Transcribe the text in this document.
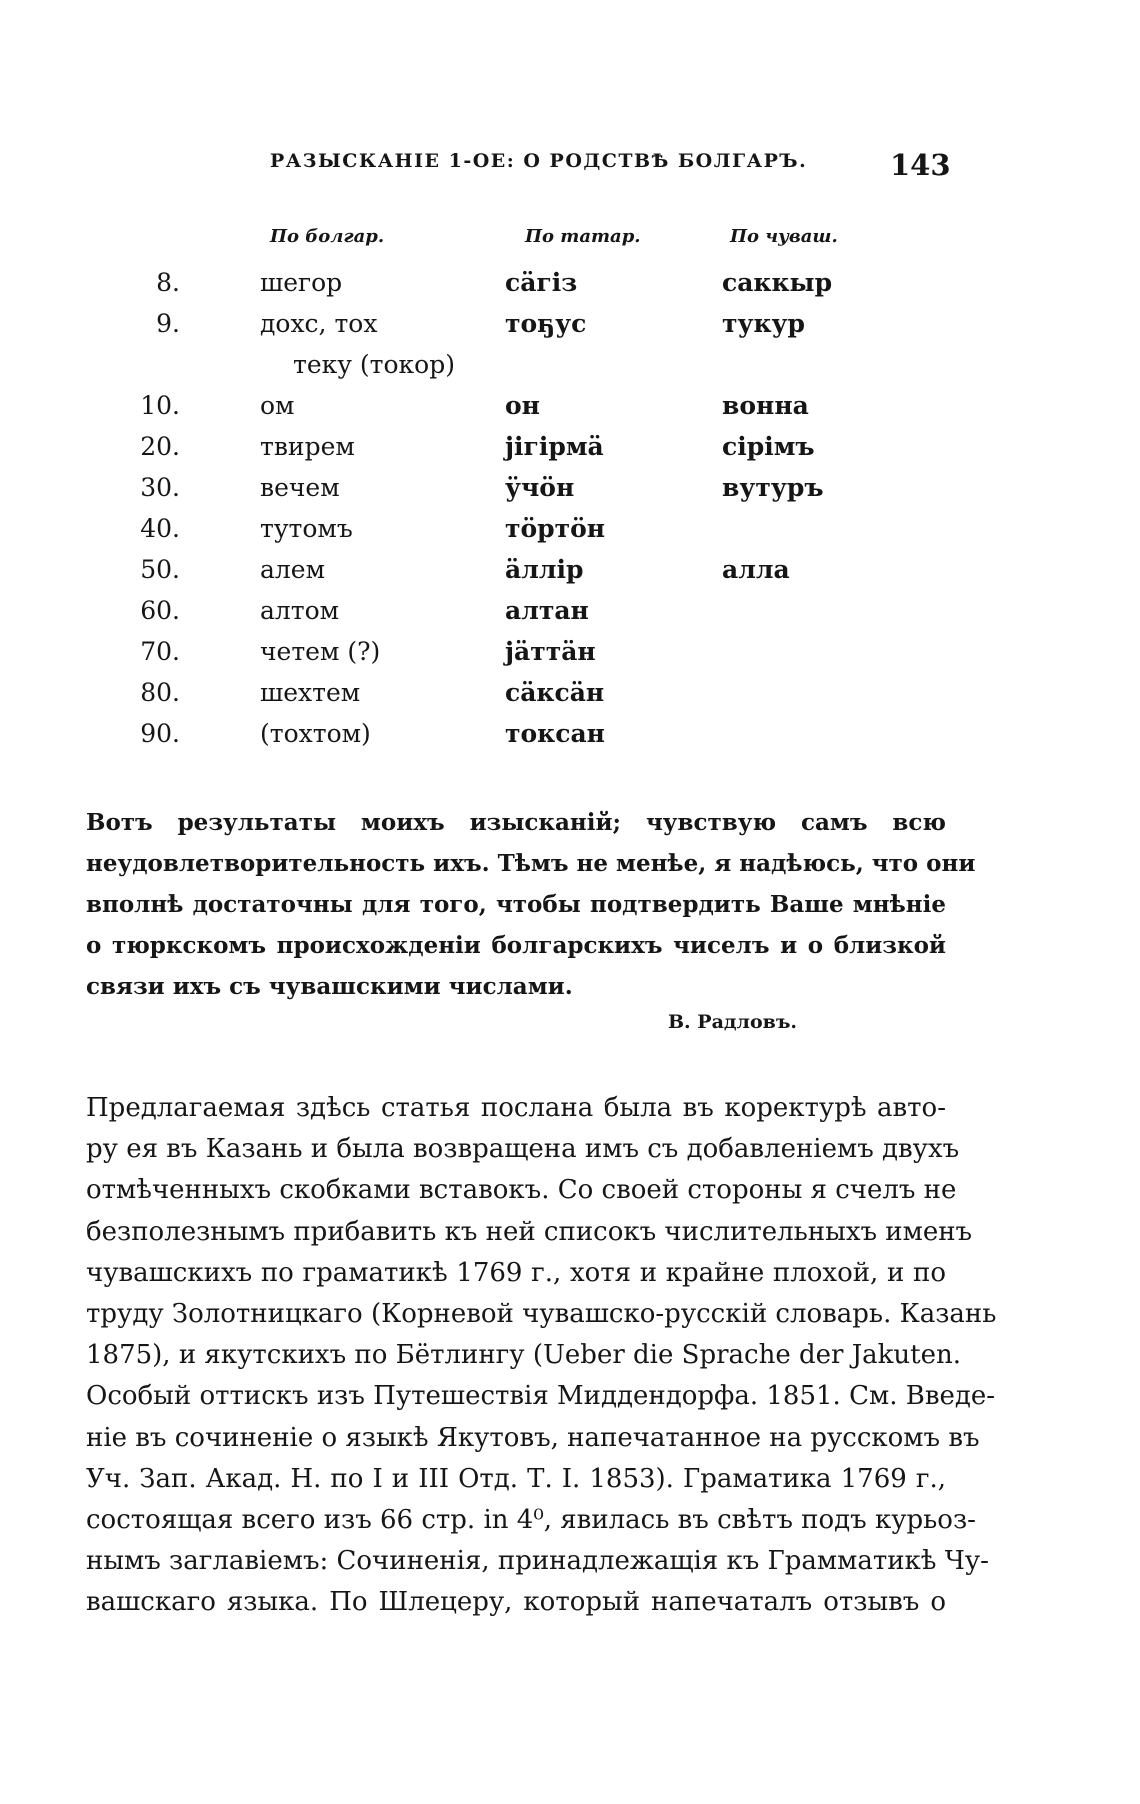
РАЗЫСКАНІЕ 1-ОЕ: О РОДСТВѢ БОЛГАРЪ.	143
По болгар.	По татар.	По чуваш.
8.	шегор	сӓгіз	саккыр
9.	дохс, тох	тоҕус	тукур
теку (токор)
10.	ом	он	вонна
20.	твирем	јігірмӓ	сірімъ
30.	вечем	ӱчӧн	вутуръ
40.	тутомъ	тӧртӧн
50.	алем	ӓллір	алла
60.	алтом	алтан
70.	четем (?)	јӓттӓн
80.	шехтем	сӓксӓн
90.	(тохтом)	токсан
Вотъ результаты моихъ изысканій; чувствую самъ всю
неудовлетворительность ихъ. Тѣмъ не менѣе, я надѣюсь, что они
вполнѣ достаточны для того, чтобы подтвердить Ваше мнѣніе
о тюркскомъ происхожденіи болгарскихъ чиселъ и о близкой
связи ихъ съ чувашскими числами.
В. Радловъ.
Предлагаемая здѣсь статья послана была въ коректурѣ авто-
ру ея въ Казань и была возвращена имъ съ добавленіемъ двухъ
отмѣченныхъ скобками вставокъ. Со своей стороны я счелъ не
безполезнымъ прибавить къ ней списокъ числительныхъ именъ
чувашскихъ по граматикѣ 1769 г., хотя и крайне плохой, и по
труду Золотницкаго (Корневой чувашско-русскій словарь. Казань
1875), и якутскихъ по Бётлингу (Ueber die Sprache der Jakuten.
Особый оттискъ изъ Путешествія Миддендорфа. 1851. См. Введе-
ніе въ сочиненіе о языкѣ Якутовъ, напечатанное на русскомъ въ
Уч. Зап. Акад. Н. по I и III Отд. Т. I. 1853). Граматика 1769 г.,
состоящая всего изъ 66 стр. in 4⁰, явилась въ свѣтъ подъ курьоз-
нымъ заглавіемъ: Сочиненія, принадлежащія къ Грамматикѣ Чу-
вашскаго языка. По Шлецеру, который напечаталъ отзывъ о
